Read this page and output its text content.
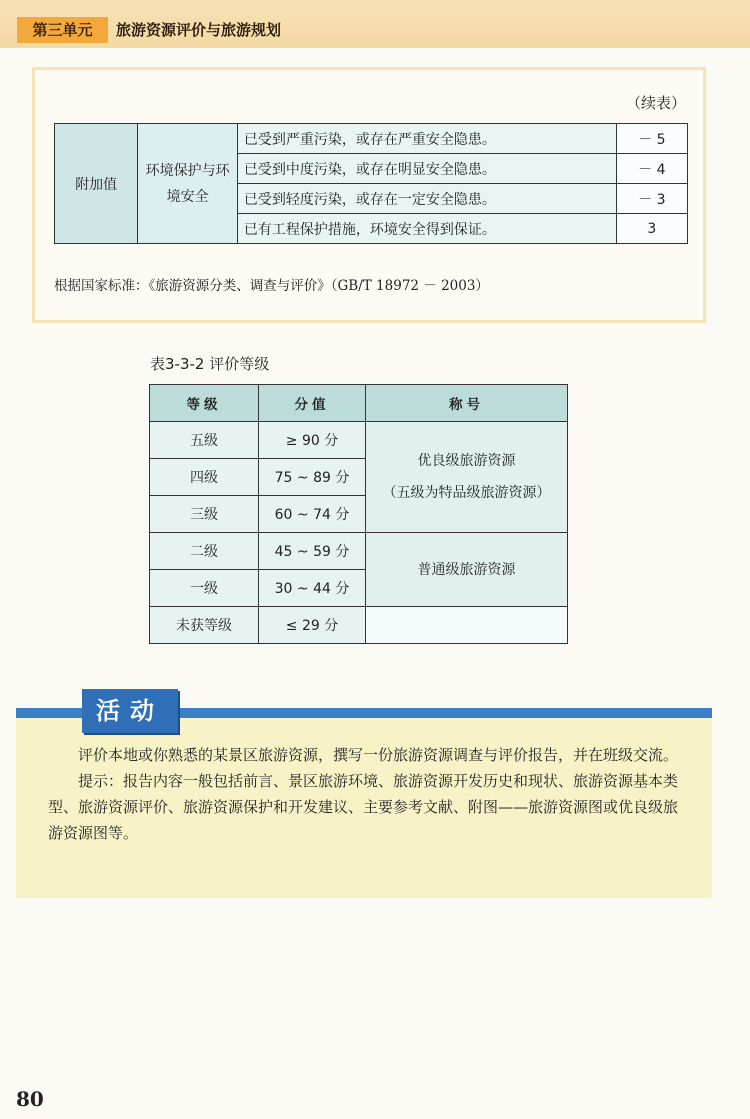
第三单元	旅游资源评价与旅游规划
（续表）
附加值	环境保护与环境安全	已受到严重污染，或存在严重安全隐患。	－ 5
		已受到中度污染，或存在明显安全隐患。	－ 4
		已受到轻度污染，或存在一定安全隐患。	－ 3
		已有工程保护措施，环境安全得到保证。	3
根据国家标准：《旅游资源分类、调查与评价》（GB/T 18972 － 2003）
表3-3-2 评价等级
等级	分值	称号
五级	≥ 90 分	优良级旅游资源
（五级为特品级旅游资源）

四级	75 ~ 89 分	
三级	60 ~ 74 分	
二级	45 ~ 59 分	普通级旅游资源
一级	30 ~ 44 分	
未获等级	≤ 29 分	
活动

评价本地或你熟悉的某景区旅游资源，撰写一份旅游资源调查与评价报告，并在班级交流。

提示：报告内容一般包括前言、景区旅游环境、旅游资源开发历史和现状、旅游资源基本类型、旅游资源评价、旅游资源保护和开发建议、主要参考文献、附图——旅游资源图或优良级旅游资源图等。

80
